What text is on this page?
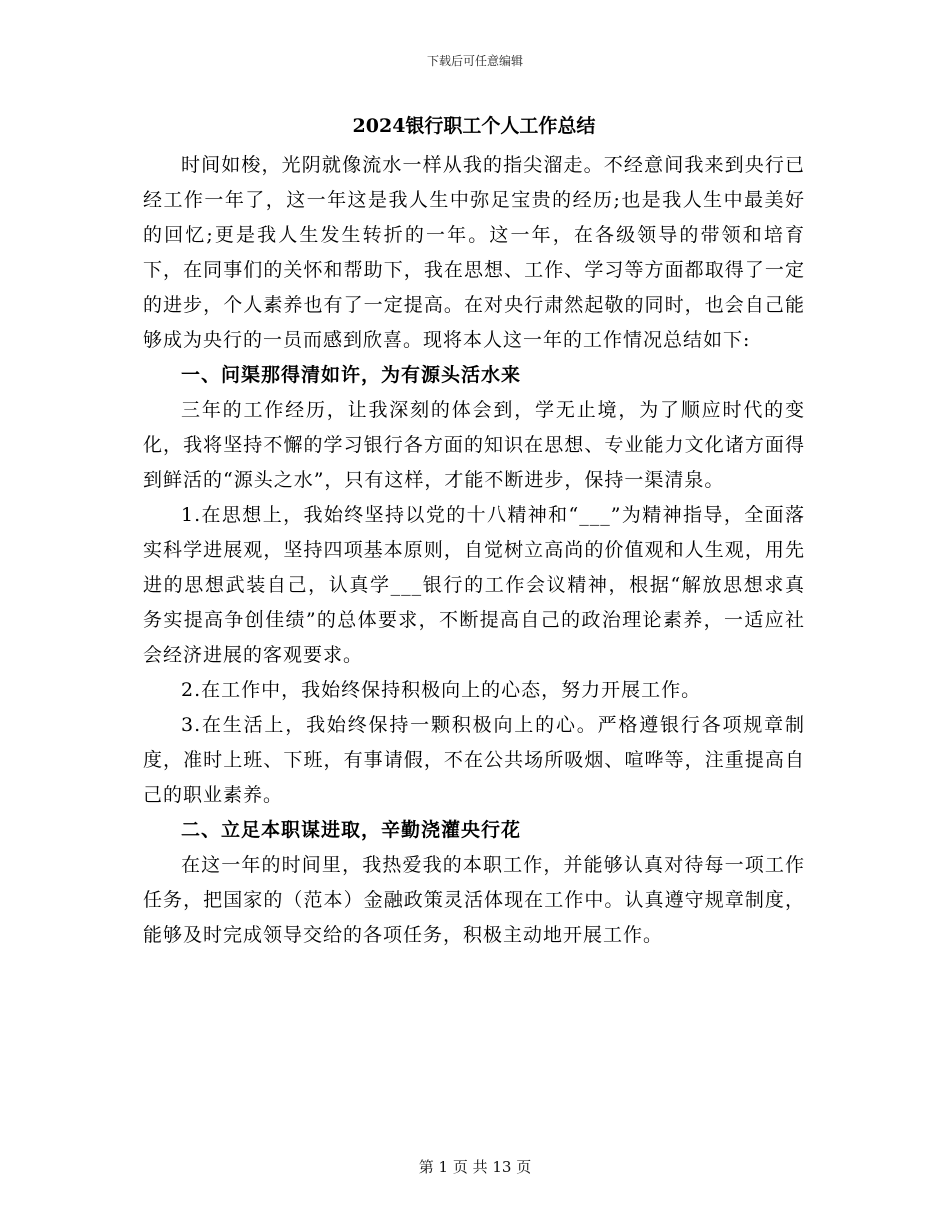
下载后可任意编辑
2024银行职工个人工作总结

时间如梭，光阴就像流水一样从我的指尖溜走。不经意间我来到央行已经工作一年了，这一年这是我人生中弥足宝贵的经历;也是我人生中最美好的回忆;更是我人生发生转折的一年。这一年，在各级领导的带领和培育下，在同事们的关怀和帮助下，我在思想、工作、学习等方面都取得了一定的进步，个人素养也有了一定提高。在对央行肃然起敬的同时，也会自己能够成为央行的一员而感到欣喜。现将本人这一年的工作情况总结如下:

一、问渠那得清如许，为有源头活水来

三年的工作经历，让我深刻的体会到，学无止境，为了顺应时代的变化，我将坚持不懈的学习银行各方面的知识在思想、专业能力文化诸方面得到鲜活的“源头之水”，只有这样，才能不断进步，保持一渠清泉。

1.在思想上，我始终坚持以党的十八精神和“___”为精神指导，全面落实科学进展观，坚持四项基本原则，自觉树立高尚的价值观和人生观，用先进的思想武装自己，认真学___银行的工作会议精神，根据“解放思想求真务实提高争创佳绩”的总体要求，不断提高自己的政治理论素养，一适应社会经济进展的客观要求。

2.在工作中，我始终保持积极向上的心态，努力开展工作。

3.在生活上，我始终保持一颗积极向上的心。严格遵银行各项规章制度，准时上班、下班，有事请假，不在公共场所吸烟、喧哗等，注重提高自己的职业素养。

二、立足本职谋进取，辛勤浇灌央行花

在这一年的时间里，我热爱我的本职工作，并能够认真对待每一项工作任务，把国家的（范本）金融政策灵活体现在工作中。认真遵守规章制度，能够及时完成领导交给的各项任务，积极主动地开展工作。

第 1 页 共 13 页
